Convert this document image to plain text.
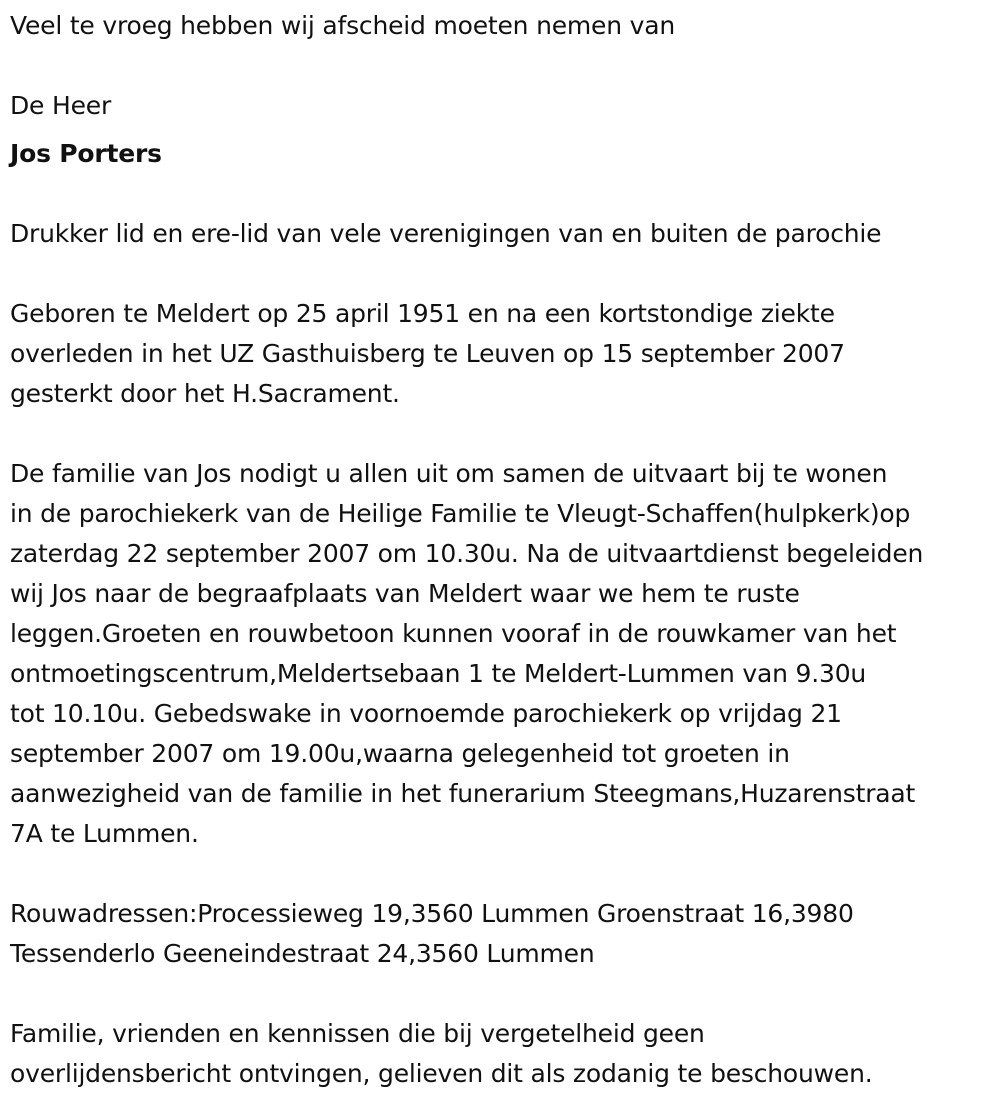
Veel te vroeg hebben wij afscheid moeten nemen van

De Heer

Jos Porters

Drukker lid en ere-lid van vele verenigingen van en buiten de parochie

Geboren te Meldert op 25 april 1951 en na een kortstondige ziekte
overleden in het UZ Gasthuisberg te Leuven op 15 september 2007
gesterkt door het H.Sacrament.

De familie van Jos nodigt u allen uit om samen de uitvaart bij te wonen
in de parochiekerk van de Heilige Familie te Vleugt-Schaffen(hulpkerk)op
zaterdag 22 september 2007 om 10.30u. Na de uitvaartdienst begeleiden
wij Jos naar de begraafplaats van Meldert waar we hem te ruste
leggen.Groeten en rouwbetoon kunnen vooraf in de rouwkamer van het
ontmoetingscentrum,Meldertsebaan 1 te Meldert-Lummen van 9.30u
tot 10.10u. Gebedswake in voornoemde parochiekerk op vrijdag 21
september 2007 om 19.00u,waarna gelegenheid tot groeten in
aanwezigheid van de familie in het funerarium Steegmans,Huzarenstraat
7A te Lummen.

Rouwadressen:Processieweg 19,3560 Lummen Groenstraat 16,3980
Tessenderlo Geeneindestraat 24,3560 Lummen

Familie, vrienden en kennissen die bij vergetelheid geen
overlijdensbericht ontvingen, gelieven dit als zodanig te beschouwen.
